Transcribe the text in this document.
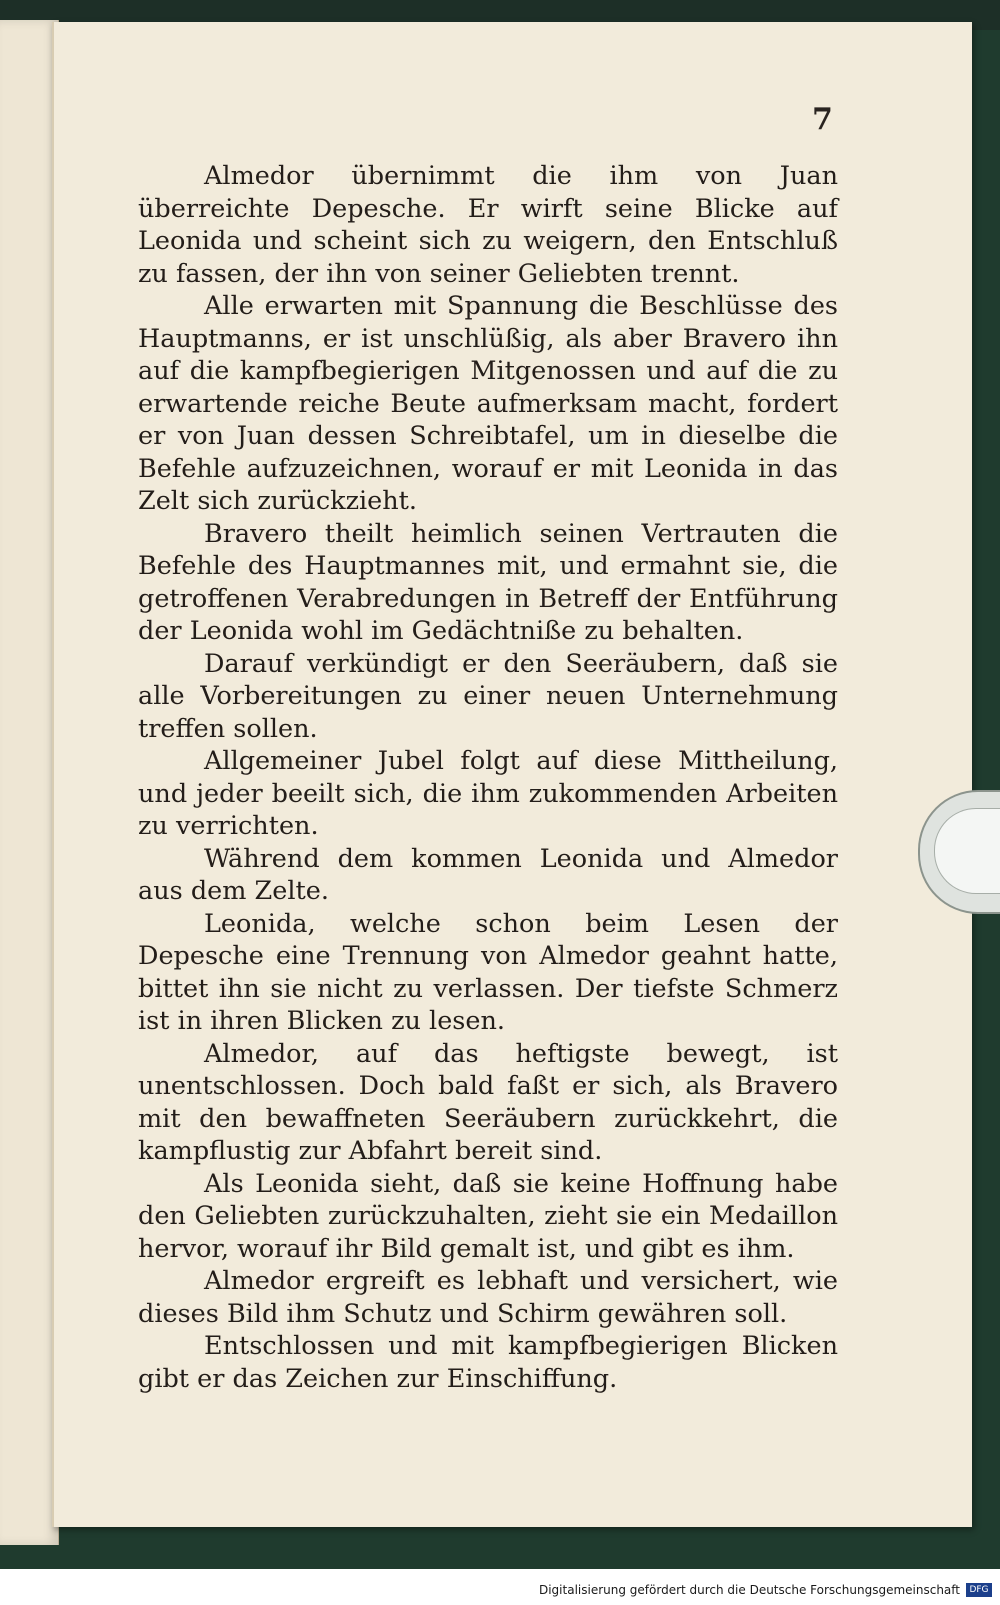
7

Almedor übernimmt die ihm von Juan überreichte Depesche. Er wirft seine Blicke auf Leonida und scheint sich zu weigern, den Entschluß zu fassen, der ihn von seiner Geliebten trennt.

Alle erwarten mit Spannung die Beschlüsse des Hauptmanns, er ist unschlüßig, als aber Bravero ihn auf die kampfbegierigen Mitgenossen und auf die zu erwartende reiche Beute aufmerksam macht, fordert er von Juan dessen Schreibtafel, um in dieselbe die Befehle aufzuzeichnen, worauf er mit Leonida in das Zelt sich zurückzieht.

Bravero theilt heimlich seinen Vertrauten die Befehle des Hauptmannes mit, und ermahnt sie, die getroffenen Verabredungen in Betreff der Entführung der Leonida wohl im Gedächtniße zu behalten.

Darauf verkündigt er den Seeräubern, daß sie alle Vorbereitungen zu einer neuen Unternehmung treffen sollen.

Allgemeiner Jubel folgt auf diese Mittheilung, und jeder beeilt sich, die ihm zukommenden Arbeiten zu verrichten.

Während dem kommen Leonida und Almedor aus dem Zelte.

Leonida, welche schon beim Lesen der Depesche eine Trennung von Almedor geahnt hatte, bittet ihn sie nicht zu verlassen. Der tiefste Schmerz ist in ihren Blicken zu lesen.

Almedor, auf das heftigste bewegt, ist unentschlossen. Doch bald faßt er sich, als Bravero mit den bewaffneten Seeräubern zurückkehrt, die kampflustig zur Abfahrt bereit sind.

Als Leonida sieht, daß sie keine Hoffnung habe den Geliebten zurückzuhalten, zieht sie ein Medaillon hervor, worauf ihr Bild gemalt ist, und gibt es ihm.

Almedor ergreift es lebhaft und versichert, wie dieses Bild ihm Schutz und Schirm gewähren soll.

Entschlossen und mit kampfbegierigen Blicken gibt er das Zeichen zur Einschiffung.

Digitalisierung gefördert durch die Deutsche Forschungsgemeinschaft	DFG
